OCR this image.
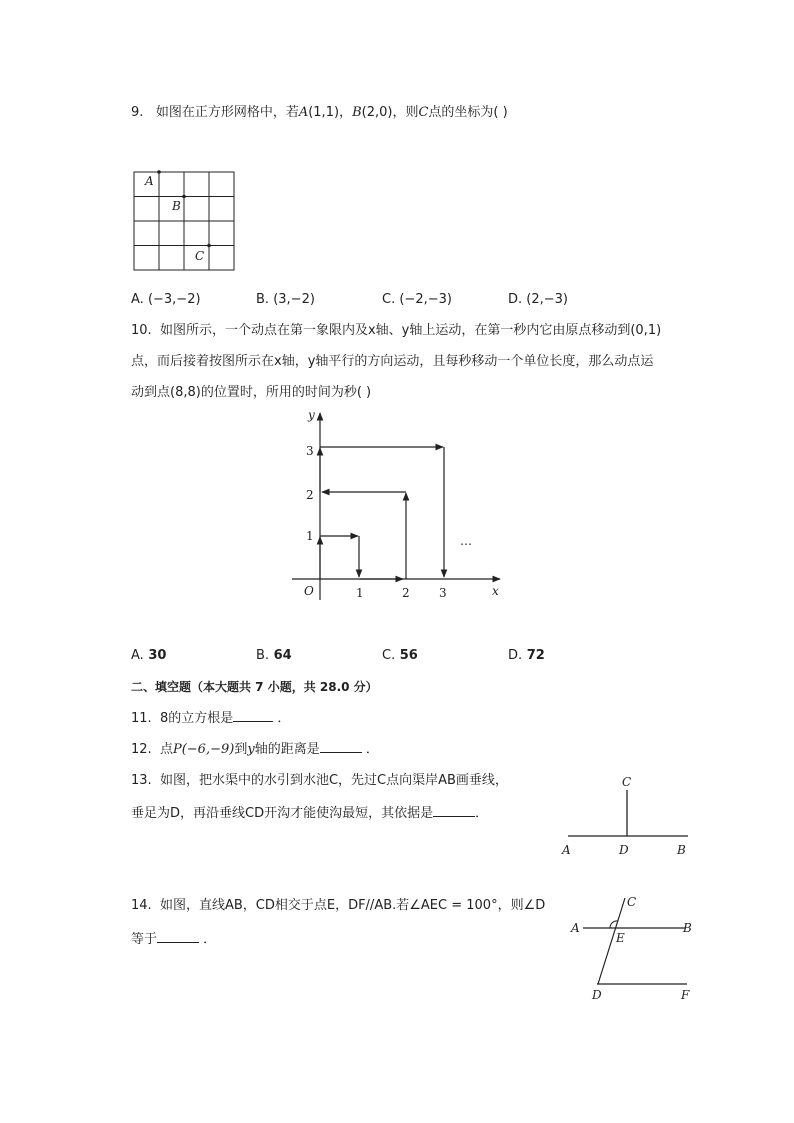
9. 如图在正方形网格中，若A(1,1)，B(2,0)，则C点的坐标为( )
A
B
C
A. (−3,−2)	B. (3,−2)	C. (−2,−3)	D. (2,−3)
10. 如图所示，一个动点在第一象限内及x轴、y轴上运动，在第一秒内它由原点移动到(0,1)
点，而后接着按图所示在x轴，y轴平行的方向运动，且每秒移动一个单位长度，那么动点运
动到点(8,8)的位置时，所用的时间为秒( )
y
x
O	1	2 3
1
2
3
…
A. 30	B. 64	C. 56	D. 72
二、填空题（本大题共 7 小题，共 28.0 分）
11. 8的立方根是	．
12. 点P(−6,−9)到y轴的距离是	．
13. 如图，把水渠中的水引到水池C，先过C点向渠岸AB画垂线，
垂足为D，再沿垂线CD开沟才能使沟最短，其依据是	．
C
A	D	B
14. 如图，直线AB，CD相交于点E，DF//AB.若∠AEC = 100°，则∠D
等于	．
C
A
E
B
D	F
